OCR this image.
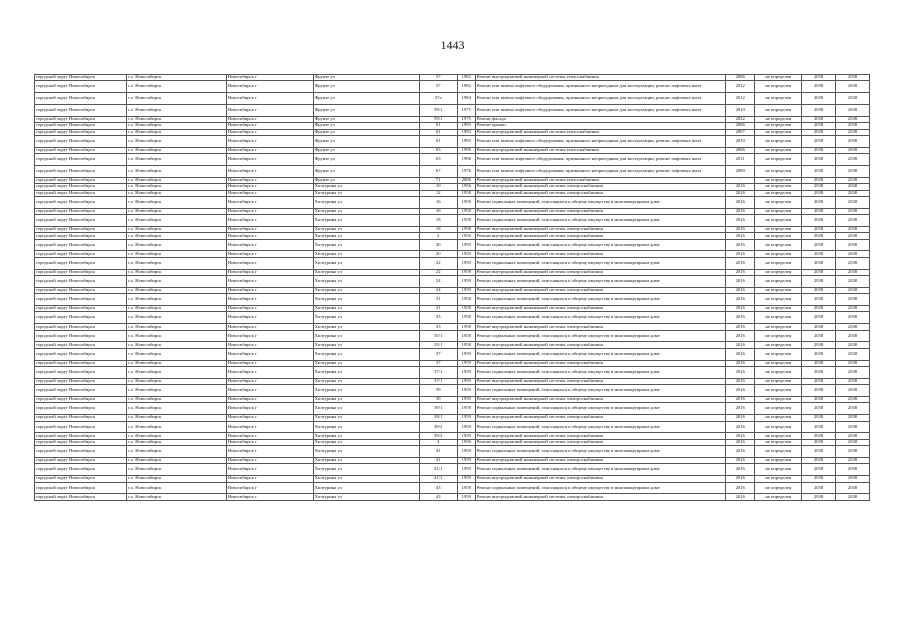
1443
городской округ Новосибирск	г.о. Новосибирск	Новосибирск г	Фрунзе ул	57	1982	Ремонт внутридомовой инженерной системы теплоснабжения	2006	не определен	2038	2038
городской округ Новосибирск	г.о. Новосибирск	Новосибирск г	Фрунзе ул	57	1982	Ремонт или замена лифтового оборудования, признанного непригодным для эксплуатации, ремонт лифтовых шахт	2012	не определен	2038	2038
городской округ Новосибирск	г.о. Новосибирск	Новосибирск г	Фрунзе ул	57а	1984	Ремонт или замена лифтового оборудования, признанного непригодным для эксплуатации, ремонт лифтовых шахт	2012	не определен	2038	2038
городской округ Новосибирск	г.о. Новосибирск	Новосибирск г	Фрунзе ул	59/1	1975	Ремонт или замена лифтового оборудования, признанного непригодным для эксплуатации, ремонт лифтовых шахт	2010	не определен	2038	2038
городской округ Новосибирск	г.о. Новосибирск	Новосибирск г	Фрунзе ул	59/1	1975	Ремонт фасада	2022	не определен	2038	2038
городской округ Новосибирск	г.о. Новосибирск	Новосибирск г	Фрунзе ул	61	1993	Ремонт крыши	2006	не определен	2038	2038
городской округ Новосибирск	г.о. Новосибирск	Новосибирск г	Фрунзе ул	61	1993	Ремонт внутридомовой инженерной системы теплоснабжения	2007	не определен	2038	2038
городской округ Новосибирск	г.о. Новосибирск	Новосибирск г	Фрунзе ул	61	1993	Ремонт или замена лифтового оборудования, признанного непригодным для эксплуатации, ремонт лифтовых шахт	2010	не определен	2038	2038
городской округ Новосибирск	г.о. Новосибирск	Новосибирск г	Фрунзе ул	63	1996	Ремонт внутридомовой инженерной системы теплоснабжения	2006	не определен	2038	2038
городской округ Новосибирск	г.о. Новосибирск	Новосибирск г	Фрунзе ул	63	1996	Ремонт или замена лифтового оборудования, признанного непригодным для эксплуатации, ремонт лифтовых шахт	2011	не определен	2038	2038
городской округ Новосибирск	г.о. Новосибирск	Новосибирск г	Фрунзе ул	67	1976	Ремонт или замена лифтового оборудования, признанного непригодным для эксплуатации, ремонт лифтовых шахт	2009	не определен	2038	2038
городской округ Новосибирск	г.о. Новосибирск	Новосибирск г	Фрунзе ул	71	2006	Ремонт внутридомовой инженерной системы теплоснабжения	-	не определен	2038	2038
городской округ Новосибирск	г.о. Новосибирск	Новосибирск г	Хилтурина ул	10	1956	Ремонт внутридомовой инженерной системы электроснабжения	2016	не определен	2038	2038
городской округ Новосибирск	г.о. Новосибирск	Новосибирск г	Хилтурина ул	12	1958	Ремонт внутридомовой инженерной системы электроснабжения	2016	не определен	2038	2038
городской округ Новосибирск	г.о. Новосибирск	Новосибирск г	Хилтурина ул	16	1958	Ремонт подвальных помещений, относящихся к общему имуществу в многоквартирном доме	2016	не определен	2038	2038
городской округ Новосибирск	г.о. Новосибирск	Новосибирск г	Хилтурина ул	16	1958	Ремонт внутридомовой инженерной системы электроснабжения	2016	не определен	2038	2038
городской округ Новосибирск	г.о. Новосибирск	Новосибирск г	Хилтурина ул	18	1958	Ремонт подвальных помещений, относящихся к общему имуществу в многоквартирном доме	2016	не определен	2038	2038
городской округ Новосибирск	г.о. Новосибирск	Новосибирск г	Хилтурина ул	18	1958	Ремонт внутридомовой инженерной системы электроснабжения	2016	не определен	2038	2038
городской округ Новосибирск	г.о. Новосибирск	Новосибирск г	Хилтурина ул	2	1956	Ремонт внутридомовой инженерной системы электроснабжения	2016	не определен	2038	2038
городской округ Новосибирск	г.о. Новосибирск	Новосибирск г	Хилтурина ул	20	1959	Ремонт подвальных помещений, относящихся к общему имуществу в многоквартирном доме	2016	не определен	2038	2038
городской округ Новосибирск	г.о. Новосибирск	Новосибирск г	Хилтурина ул	20	1959	Ремонт внутридомовой инженерной системы электроснабжения	2016	не определен	2038	2038
городской округ Новосибирск	г.о. Новосибирск	Новосибирск г	Хилтурина ул	22	1959	Ремонт подвальных помещений, относящихся к общему имуществу в многоквартирном доме	2016	не определен	2038	2038
городской округ Новосибирск	г.о. Новосибирск	Новосибирск г	Хилтурина ул	22	1959	Ремонт внутридомовой инженерной системы электроснабжения	2016	не определен	2038	2038
городской округ Новосибирск	г.о. Новосибирск	Новосибирск г	Хилтурина ул	24	1959	Ремонт подвальных помещений, относящихся к общему имуществу в многоквартирном доме	2016	не определен	2038	2038
городской округ Новосибирск	г.о. Новосибирск	Новосибирск г	Хилтурина ул	24	1959	Ремонт внутридомовой инженерной системы электроснабжения	2016	не определен	2038	2038
городской округ Новосибирск	г.о. Новосибирск	Новосибирск г	Хилтурина ул	31	1958	Ремонт подвальных помещений, относящихся к общему имуществу в многоквартирном доме	2016	не определен	2038	2038
городской округ Новосибирск	г.о. Новосибирск	Новосибирск г	Хилтурина ул	31	1958	Ремонт внутридомовой инженерной системы электроснабжения	2016	не определен	2038	2038
городской округ Новосибирск	г.о. Новосибирск	Новосибирск г	Хилтурина ул	33	1958	Ремонт подвальных помещений, относящихся к общему имуществу в многоквартирном доме	2016	не определен	2038	2038
городской округ Новосибирск	г.о. Новосибирск	Новосибирск г	Хилтурина ул	33	1958	Ремонт внутридомовой инженерной системы электроснабжения	2016	не определен	2038	2038
городской округ Новосибирск	г.о. Новосибирск	Новосибирск г	Хилтурина ул	35/1	1958	Ремонт подвальных помещений, относящихся к общему имуществу в многоквартирном доме	2016	не определен	2038	2038
городской округ Новосибирск	г.о. Новосибирск	Новосибирск г	Хилтурина ул	35/1	1958	Ремонт внутридомовой инженерной системы электроснабжения	2016	не определен	2038	2038
городской округ Новосибирск	г.о. Новосибирск	Новосибирск г	Хилтурина ул	37	1959	Ремонт подвальных помещений, относящихся к общему имуществу в многоквартирном доме	2016	не определен	2038	2038
городской округ Новосибирск	г.о. Новосибирск	Новосибирск г	Хилтурина ул	37	1959	Ремонт внутридомовой инженерной системы электроснабжения	2016	не определен	2038	2038
городской округ Новосибирск	г.о. Новосибирск	Новосибирск г	Хилтурина ул	37/1	1959	Ремонт подвальных помещений, относящихся к общему имуществу в многоквартирном доме	2016	не определен	2038	2038
городской округ Новосибирск	г.о. Новосибирск	Новосибирск г	Хилтурина ул	37/1	1959	Ремонт внутридомовой инженерной системы электроснабжения	2016	не определен	2038	2038
городской округ Новосибирск	г.о. Новосибирск	Новосибирск г	Хилтурина ул	39	1959	Ремонт подвальных помещений, относящихся к общему имуществу в многоквартирном доме	2016	не определен	2038	2038
городской округ Новосибирск	г.о. Новосибирск	Новосибирск г	Хилтурина ул	39	1959	Ремонт внутридомовой инженерной системы электроснабжения	2016	не определен	2038	2038
городской округ Новосибирск	г.о. Новосибирск	Новосибирск г	Хилтурина ул	39/1	1959	Ремонт подвальных помещений, относящихся к общему имуществу в многоквартирном доме	2016	не определен	2038	2038
городской округ Новосибирск	г.о. Новосибирск	Новосибирск г	Хилтурина ул	39/1	1959	Ремонт внутридомовой инженерной системы электроснабжения	2016	не определен	2038	2038
городской округ Новосибирск	г.о. Новосибирск	Новосибирск г	Хилтурина ул	39/2	1959	Ремонт подвальных помещений, относящихся к общему имуществу в многоквартирном доме	2016	не определен	2038	2038
городской округ Новосибирск	г.о. Новосибирск	Новосибирск г	Хилтурина ул	39/2	1959	Ремонт внутридомовой инженерной системы электроснабжения	2016	не определен	2038	2038
городской округ Новосибирск	г.о. Новосибирск	Новосибирск г	Хилтурина ул	4	1956	Ремонт внутридомовой инженерной системы электроснабжения	2016	не определен	2038	2038
городской округ Новосибирск	г.о. Новосибирск	Новосибирск г	Хилтурина ул	41	1959	Ремонт подвальных помещений, относящихся к общему имуществу в многоквартирном доме	2016	не определен	2038	2038
городской округ Новосибирск	г.о. Новосибирск	Новосибирск г	Хилтурина ул	41	1959	Ремонт внутридомовой инженерной системы электроснабжения	2016	не определен	2038	2038
городской округ Новосибирск	г.о. Новосибирск	Новосибирск г	Хилтурина ул	41/1	1959	Ремонт подвальных помещений, относящихся к общему имуществу в многоквартирном доме	2016	не определен	2038	2038
городской округ Новосибирск	г.о. Новосибирск	Новосибирск г	Хилтурина ул	41/1	1959	Ремонт внутридомовой инженерной системы электроснабжения	2016	не определен	2038	2038
городской округ Новосибирск	г.о. Новосибирск	Новосибирск г	Хилтурина ул	43	1959	Ремонт подвальных помещений, относящихся к общему имуществу в многоквартирном доме	2016	не определен	2038	2038
городской округ Новосибирск	г.о. Новосибирск	Новосибирск г	Хилтурина ул	43	1959	Ремонт внутридомовой инженерной системы электроснабжения	2016	не определен	2038	2038
